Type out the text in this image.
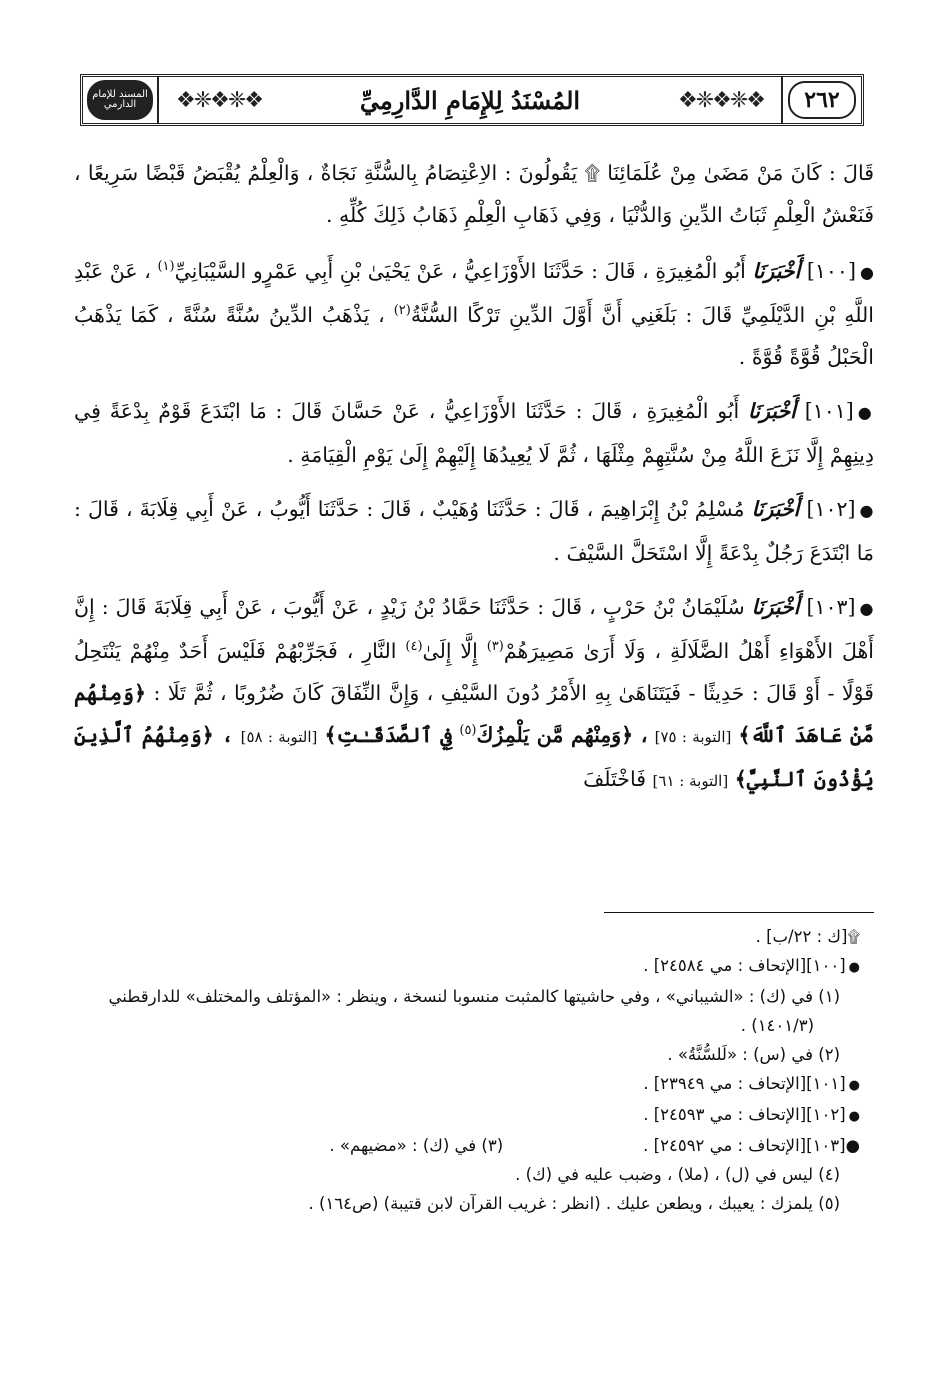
المسند للإمام الدارمي	❖❈❖❈❖	المُسْنَدُ لِلإِمَامِ الدَّارِمِيِّ	❖❈❖❈❖	٢٦٢

قَالَ : كَانَ مَنْ مَضَىٰ مِنْ عُلَمَائِنَا ۩ يَقُولُونَ : الاِعْتِصَامُ بِالسُّنَّةِ نَجَاةٌ ، وَالْعِلْمُ يُقْبَضُ قَبْضًا سَرِيعًا ، فَنَعْشُ الْعِلْمِ ثَبَاتُ الدِّينِ وَالدُّنْيَا ، وَفِي ذَهَابِ الْعِلْمِ ذَهَابُ ذَلِكَ كُلِّهِ .

●[١٠٠] أَخْبَرَنَا أَبُو الْمُغِيرَةِ ، قَالَ : حَدَّثَنَا الأَوْزَاعِيُّ ، عَنْ يَحْيَىٰ بْنِ أَبِي عَمْرٍو السَّيْبَانِيِّ$^{(١)}$ ، عَنْ عَبْدِ اللَّهِ بْنِ الدَّيْلَمِيِّ قَالَ : بَلَغَنِي أَنَّ أَوَّلَ الدِّينِ تَرْكًا السُّنَّةُ$^{(٢)}$ ، يَذْهَبُ الدِّينُ سُنَّةً سُنَّةً ، كَمَا يَذْهَبُ الْحَبْلُ قُوَّةً قُوَّةً .

●[١٠١] أَخْبَرَنَا أَبُو الْمُغِيرَةِ ، قَالَ : حَدَّثَنَا الأَوْزَاعِيُّ ، عَنْ حَسَّانَ قَالَ : مَا ابْتَدَعَ قَوْمٌ بِدْعَةً فِي دِينِهِمْ إِلَّا نَزَعَ اللَّهُ مِنْ سُنَّتِهِمْ مِثْلَهَا ، ثُمَّ لَا يُعِيدُهَا إِلَيْهِمْ إِلَىٰ يَوْمِ الْقِيَامَةِ .

●[١٠٢] أَخْبَرَنَا مُسْلِمُ بْنُ إِبْرَاهِيمَ ، قَالَ : حَدَّثَنَا وُهَيْبٌ ، قَالَ : حَدَّثَنَا أَيُّوبُ ، عَنْ أَبِي قِلَابَةَ ، قَالَ : مَا ابْتَدَعَ رَجُلٌ بِدْعَةً إِلَّا اسْتَحَلَّ السَّيْفَ .

●[١٠٣] أَخْبَرَنَا سُلَيْمَانُ بْنُ حَرْبٍ ، قَالَ : حَدَّثَنَا حَمَّادُ بْنُ زَيْدٍ ، عَنْ أَيُّوبَ ، عَنْ أَبِي قِلَابَةَ قَالَ : إِنَّ أَهْلَ الأَهْوَاءِ أَهْلُ الضَّلَالَةِ ، وَلَا أَرَىٰ مَصِيرَهُمْ$^{(٣)}$ إِلَّا إِلَىٰ$^{(٤)}$ النَّارِ ، فَجَرِّبْهُمْ فَلَيْسَ أَحَدٌ مِنْهُمْ يَنْتَحِلُ قَوْلًا - أَوْ قَالَ : حَدِيثًا - فَيَتَنَاهَىٰ بِهِ الأَمْرُ دُونَ السَّيْفِ ، وَإِنَّ النِّفَاقَ كَانَ ضُرُوبًا ، ثُمَّ تَلَا : ﴿وَمِنْهُم مَّنْ عَاهَدَ ٱللَّهَ﴾ [التوبة : ٧٥] ، ﴿وَمِنْهُم مَّن يَلْمِزُكَ$^{(٥)}$ فِي ٱلصَّدَقَـٰتِ﴾ [التوبة : ٥٨] ، ﴿وَمِنْهُمُ ٱلَّذِينَ يُؤْذُونَ ٱلنَّبِيَّ﴾ [التوبة : ٦١] فَاخْتَلَفَ

۩[ك : ٢٢/ب] .

●[١٠٠][الإتحاف : مي ٢٤٥٨٤] .

(١) في (ك) : «الشيباني» ، وفي حاشيتها كالمثبت منسوبا لنسخة ، وينظر : «المؤتلف والمختلف» للدارقطني

(١٤٠١/٣) .

(٢) في (س) : «لَلسُّنَّةُ» .

●[١٠١][الإتحاف : مي ٢٣٩٤٩] .

●[١٠٢][الإتحاف : مي ٢٤٥٩٣] .

●[١٠٣][الإتحاف : مي ٢٤٥٩٢] .
(٣) في (ك) : «مضيهم» .

(٤) ليس في (ل) ، (ملا) ، وضبب عليه في (ك) .

(٥) يلمزك : يعيبك ، ويطعن عليك . (انظر : غريب القرآن لابن قتيبة) (ص١٦٤) .
